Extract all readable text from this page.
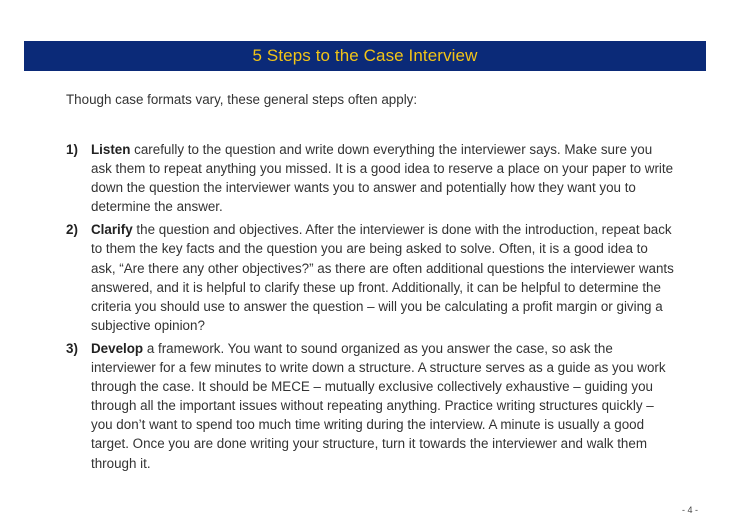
5 Steps to the Case Interview
Though case formats vary, these general steps often apply:
1) Listen carefully to the question and write down everything the interviewer says. Make sure you ask them to repeat anything you missed. It is a good idea to reserve a place on your paper to write down the question the interviewer wants you to answer and potentially how they want you to determine the answer.
2) Clarify the question and objectives. After the interviewer is done with the introduction, repeat back to them the key facts and the question you are being asked to solve. Often, it is a good idea to ask, “Are there any other objectives?” as there are often additional questions the interviewer wants answered, and it is helpful to clarify these up front. Additionally, it can be helpful to determine the criteria you should use to answer the question – will you be calculating a profit margin or giving a subjective opinion?
3) Develop a framework. You want to sound organized as you answer the case, so ask the interviewer for a few minutes to write down a structure. A structure serves as a guide as you work through the case. It should be MECE – mutually exclusive collectively exhaustive – guiding you through all the important issues without repeating anything. Practice writing structures quickly – you don’t want to spend too much time writing during the interview. A minute is usually a good target. Once you are done writing your structure, turn it towards the interviewer and walk them through it.
- 4 -
